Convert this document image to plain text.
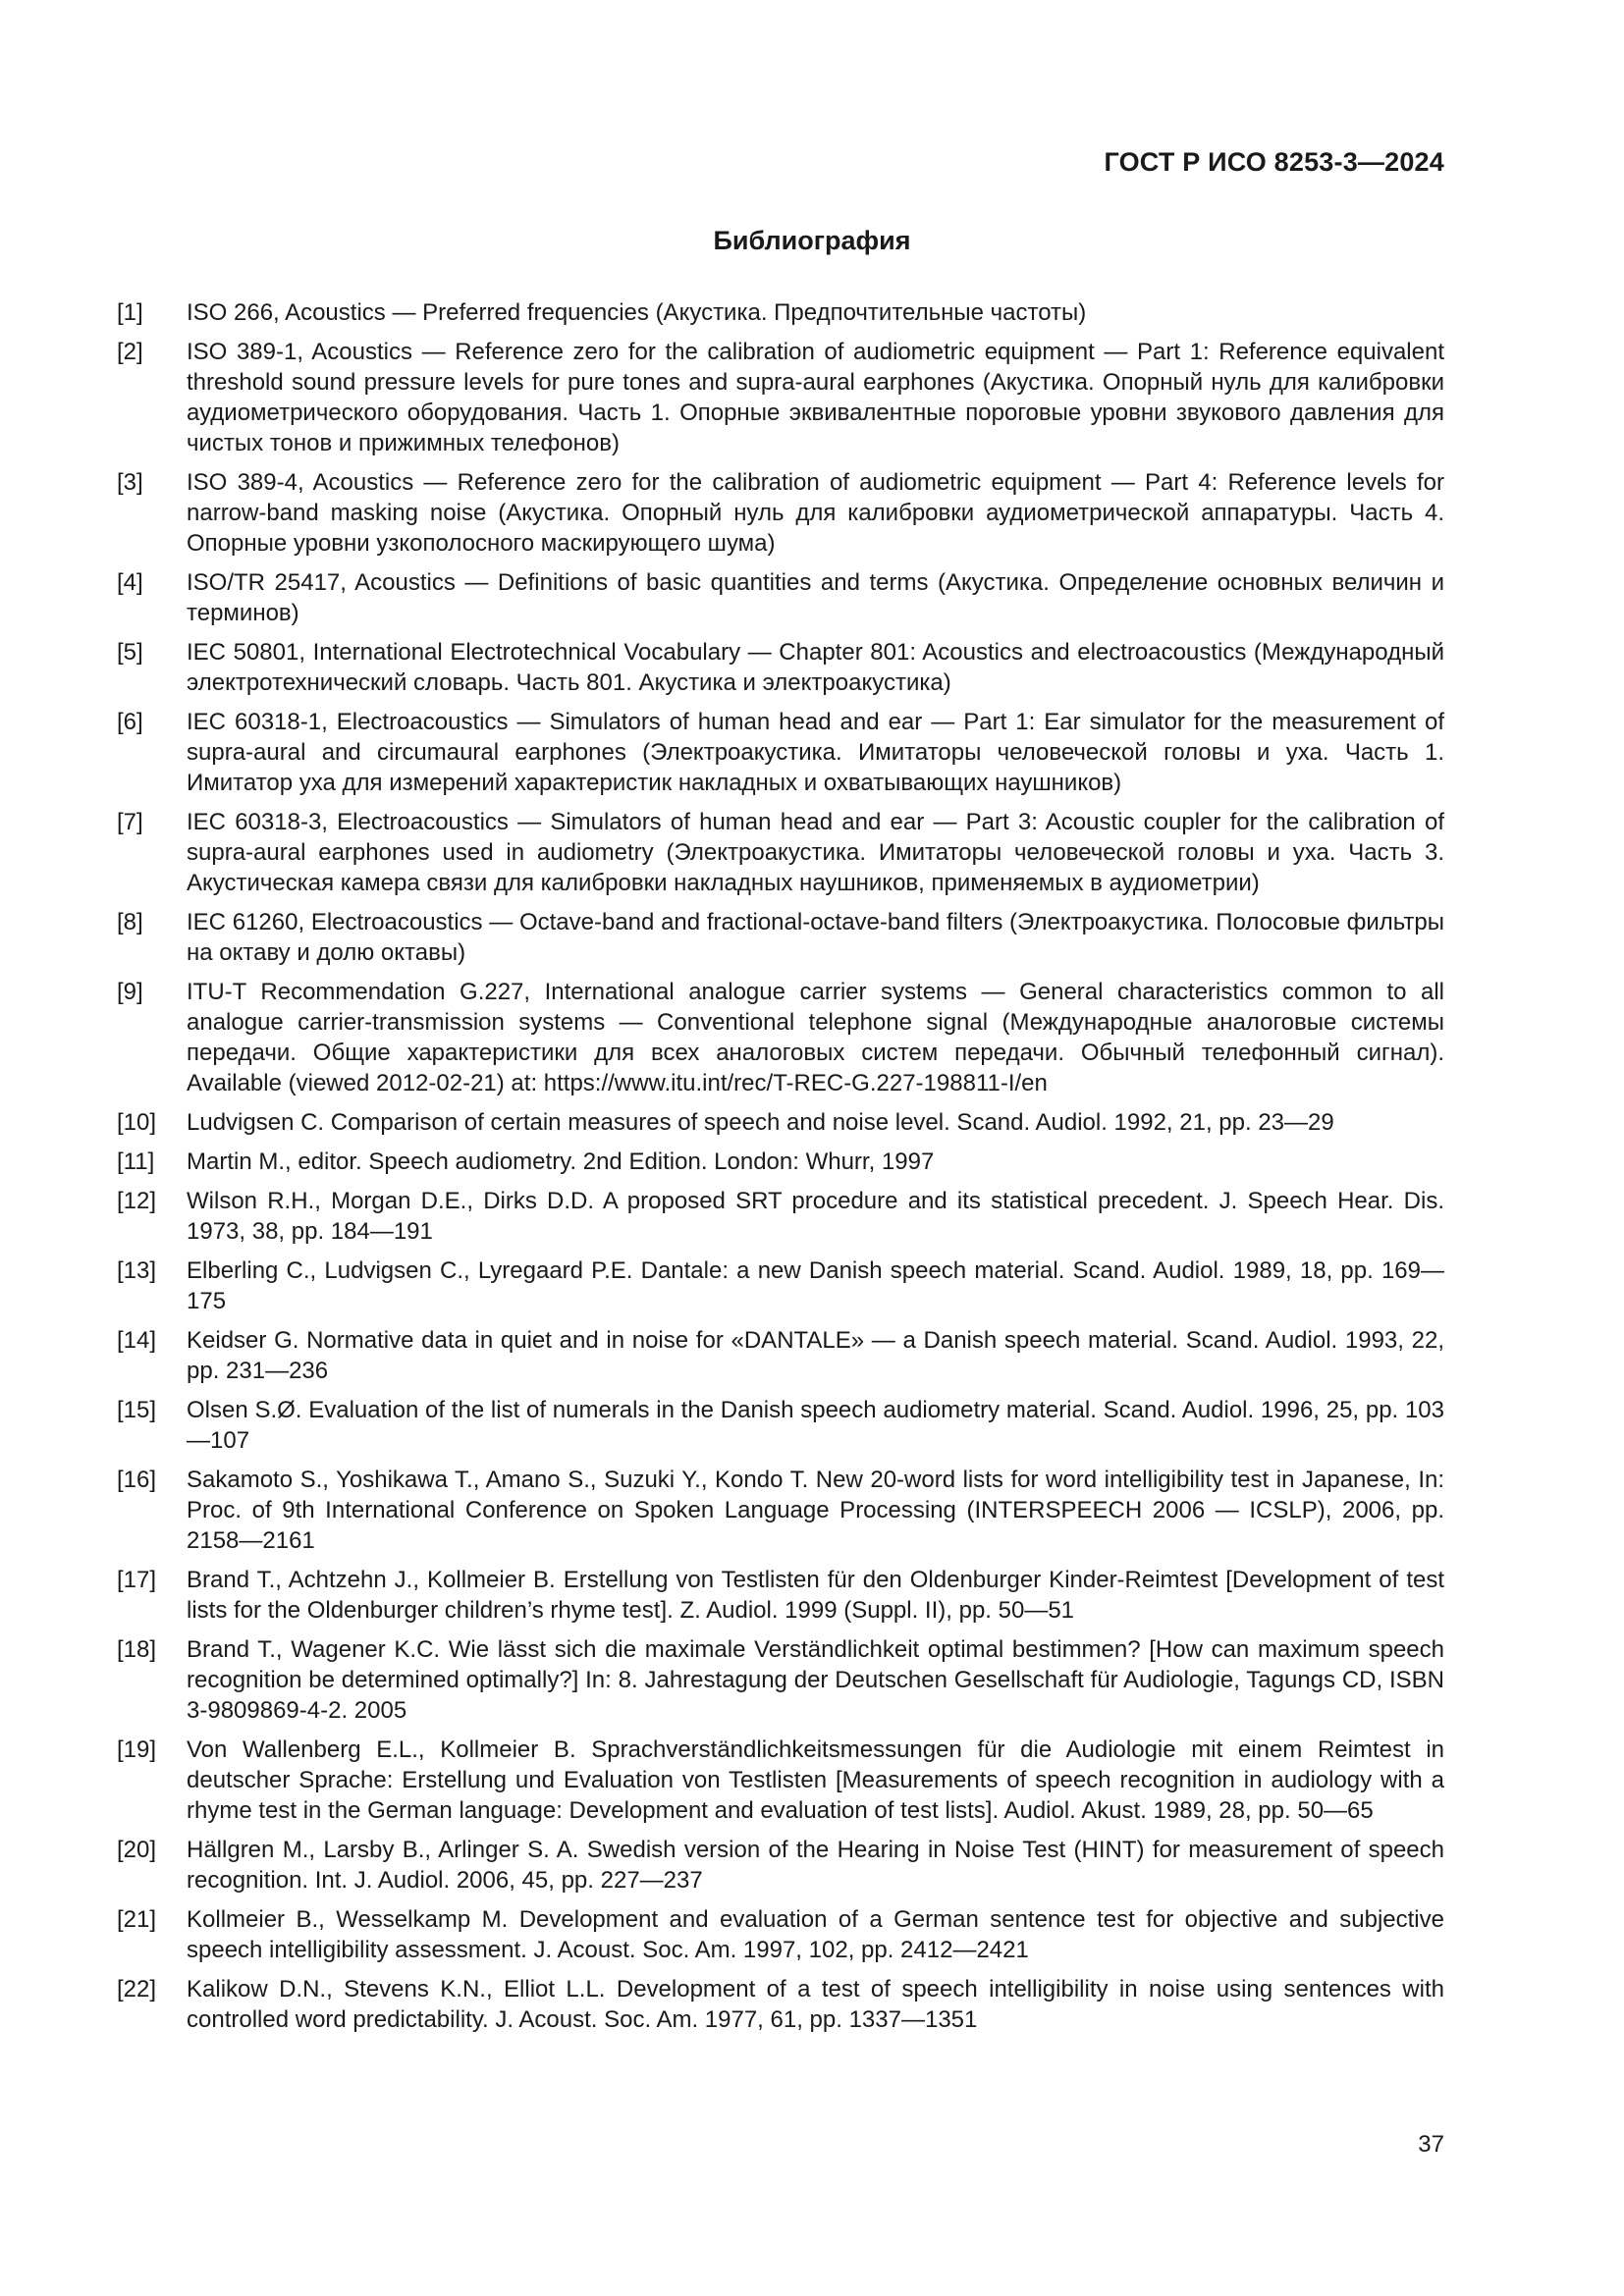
ГОСТ Р ИСО 8253-3—2024
Библиография
[1]	ISO 266, Acoustics — Preferred frequencies (Акустика. Предпочтительные частоты)
[2]	ISO 389-1, Acoustics — Reference zero for the calibration of audiometric equipment — Part 1: Reference equivalent threshold sound pressure levels for pure tones and supra-aural earphones (Акустика. Опорный нуль для калибровки аудиометрического оборудования. Часть 1. Опорные эквивалентные пороговые уровни звукового давления для чистых тонов и прижимных телефонов)
[3]	ISO 389-4, Acoustics — Reference zero for the calibration of audiometric equipment — Part 4: Reference levels for narrow-band masking noise (Акустика. Опорный нуль для калибровки аудиометрической аппаратуры. Часть 4. Опорные уровни узкополосного маскирующего шума)
[4]	ISO/TR 25417, Acoustics — Definitions of basic quantities and terms (Акустика. Определение основных величин и терминов)
[5]	IEC 50801, International Electrotechnical Vocabulary — Chapter 801: Acoustics and electroacoustics (Международный электротехнический словарь. Часть 801. Акустика и электроакустика)
[6]	IEC 60318-1, Electroacoustics — Simulators of human head and ear — Part 1: Ear simulator for the measurement of supra-aural and circumaural earphones (Электроакустика. Имитаторы человеческой головы и уха. Часть 1. Имитатор уха для измерений характеристик накладных и охватывающих наушников)
[7]	IEC 60318-3, Electroacoustics — Simulators of human head and ear — Part 3: Acoustic coupler for the calibration of supra-aural earphones used in audiometry (Электроакустика. Имитаторы человеческой головы и уха. Часть 3. Акустическая камера связи для калибровки накладных наушников, применяемых в аудиометрии)
[8]	IEC 61260, Electroacoustics — Octave-band and fractional-octave-band filters (Электроакустика. Полосовые фильтры на октаву и долю октавы)
[9]	ITU-T Recommendation G.227, International analogue carrier systems — General characteristics common to all analogue carrier-transmission systems — Conventional telephone signal (Международные аналоговые системы передачи. Общие характеристики для всех аналоговых систем передачи. Обычный телефонный сигнал). Available (viewed 2012-02-21) at: https://www.itu.int/rec/T-REC-G.227-198811-I/en
[10]	Ludvigsen C. Comparison of certain measures of speech and noise level. Scand. Audiol. 1992, 21, pp. 23—29
[11]	Martin M., editor. Speech audiometry. 2nd Edition. London: Whurr, 1997
[12]	Wilson R.H., Morgan D.E., Dirks D.D. A proposed SRT procedure and its statistical precedent. J. Speech Hear. Dis. 1973, 38, pp. 184—191
[13]	Elberling C., Ludvigsen C., Lyregaard P.E. Dantale: a new Danish speech material. Scand. Audiol. 1989, 18, pp. 169—175
[14]	Keidser G. Normative data in quiet and in noise for «DANTALE» — a Danish speech material. Scand. Audiol. 1993, 22, pp. 231—236
[15]	Olsen S.Ø. Evaluation of the list of numerals in the Danish speech audiometry material. Scand. Audiol. 1996, 25, pp. 103—107
[16]	Sakamoto S., Yoshikawa T., Amano S., Suzuki Y., Kondo T. New 20-word lists for word intelligibility test in Japanese, In: Proc. of 9th International Conference on Spoken Language Processing (INTERSPEECH 2006 — ICSLP), 2006, pp. 2158—2161
[17]	Brand T., Achtzehn J., Kollmeier B. Erstellung von Testlisten für den Oldenburger Kinder-Reimtest [Development of test lists for the Oldenburger children’s rhyme test]. Z. Audiol. 1999 (Suppl. II), pp. 50—51
[18]	Brand T., Wagener K.C. Wie lässt sich die maximale Verständlichkeit optimal bestimmen? [How can maximum speech recognition be determined optimally?] In: 8. Jahrestagung der Deutschen Gesellschaft für Audiologie, Tagungs CD, ISBN 3-9809869-4-2. 2005
[19]	Von Wallenberg E.L., Kollmeier B. Sprachverständlichkeitsmessungen für die Audiologie mit einem Reimtest in deutscher Sprache: Erstellung und Evaluation von Testlisten [Measurements of speech recognition in audiology with a rhyme test in the German language: Development and evaluation of test lists]. Audiol. Akust. 1989, 28, pp. 50—65
[20]	Hällgren M., Larsby B., Arlinger S. A. Swedish version of the Hearing in Noise Test (HINT) for measurement of speech recognition. Int. J. Audiol. 2006, 45, pp. 227—237
[21]	Kollmeier B., Wesselkamp M. Development and evaluation of a German sentence test for objective and subjective speech intelligibility assessment. J. Acoust. Soc. Am. 1997, 102, pp. 2412—2421
[22]	Kalikow D.N., Stevens K.N., Elliot L.L. Development of a test of speech intelligibility in noise using sentences with controlled word predictability. J. Acoust. Soc. Am. 1977, 61, pp. 1337—1351
37
